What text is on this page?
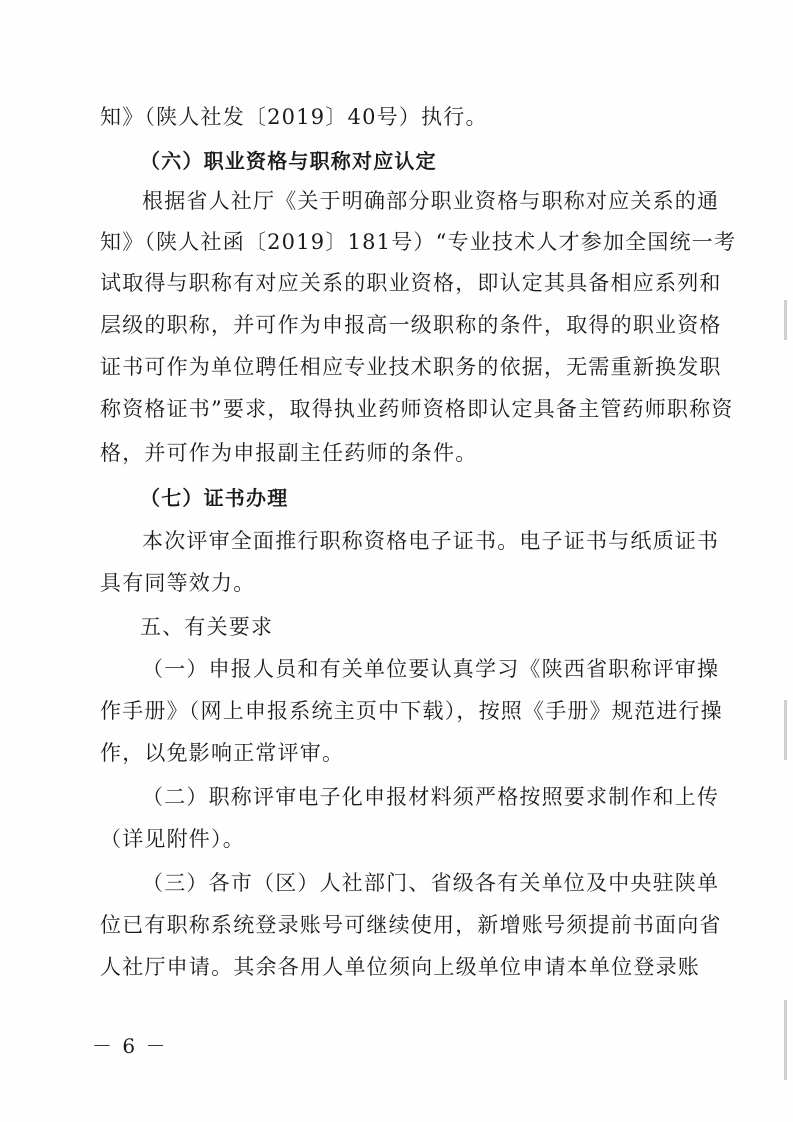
知》（陕人社发〔2019〕40号）执行。
（六）职业资格与职称对应认定
根据省人社厅《关于明确部分职业资格与职称对应关系的通
知》（陕人社函〔2019〕181号）“专业技术人才参加全国统一考
试取得与职称有对应关系的职业资格，即认定其具备相应系列和
层级的职称，并可作为申报高一级职称的条件，取得的职业资格
证书可作为单位聘任相应专业技术职务的依据，无需重新换发职
称资格证书”要求，取得执业药师资格即认定具备主管药师职称资
格，并可作为申报副主任药师的条件。
（七）证书办理
本次评审全面推行职称资格电子证书。电子证书与纸质证书
具有同等效力。
五、有关要求
（一）申报人员和有关单位要认真学习《陕西省职称评审操
作手册》（网上申报系统主页中下载），按照《手册》规范进行操
作，以免影响正常评审。
（二）职称评审电子化申报材料须严格按照要求制作和上传
（详见附件）。
（三）各市（区）人社部门、省级各有关单位及中央驻陕单
位已有职称系统登录账号可继续使用，新增账号须提前书面向省
人社厅申请。其余各用人单位须向上级单位申请本单位登录账
－ 6 －
